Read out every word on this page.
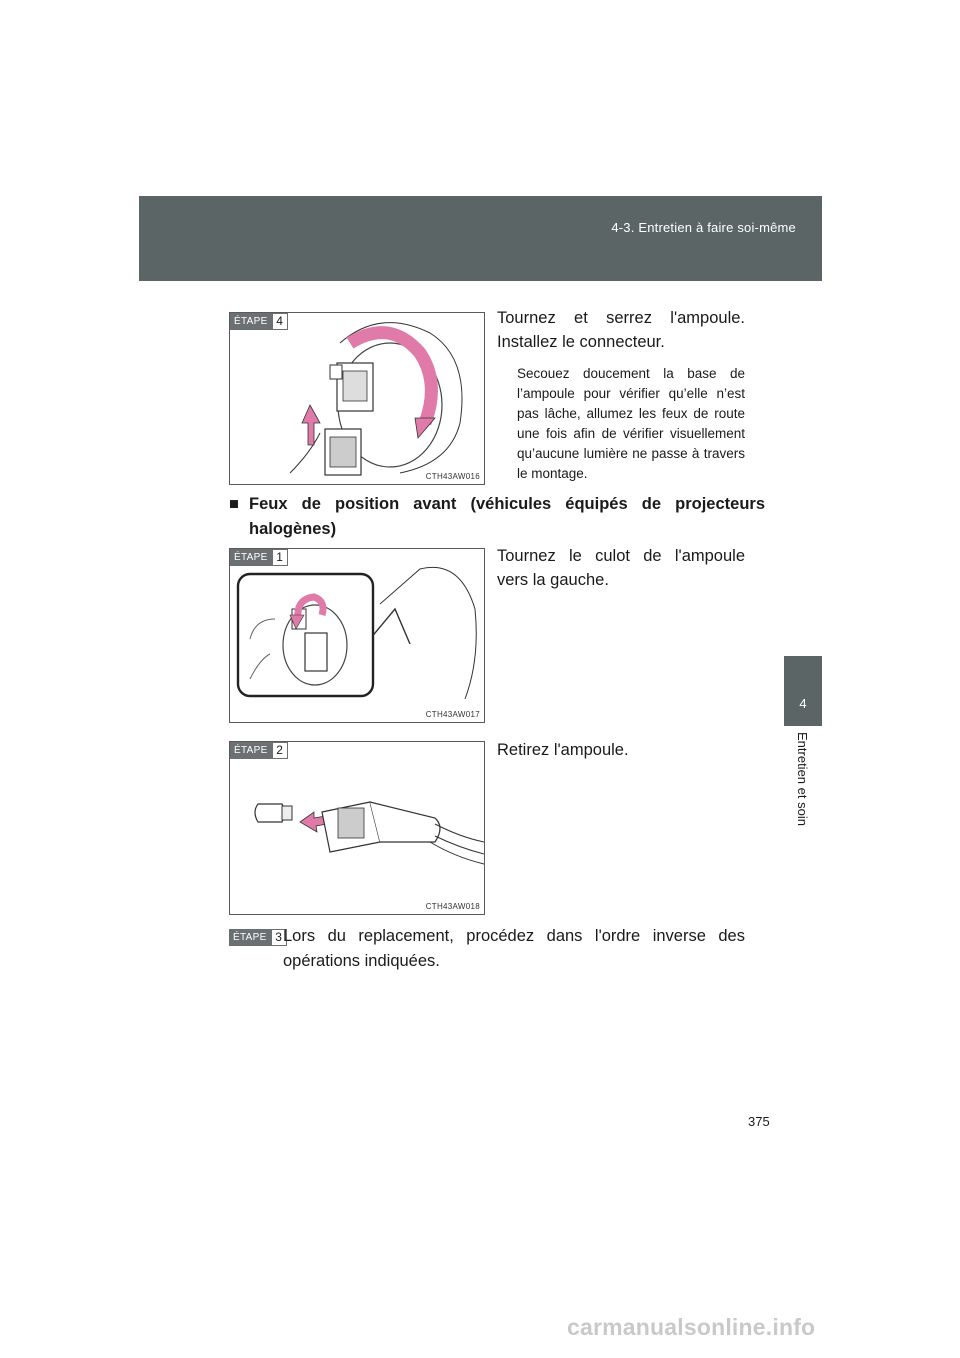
4-3. Entretien à faire soi-même
4
Entretien et soin
ÉTAPE 4
CTH43AW016
Tournez et serrez l'ampoule. Installez le connecteur.
Secouez doucement la base de l’ampoule pour vérifier qu’elle n’est pas lâche, allumez les feux de route une fois afin de vérifier visuellement qu’aucune lumière ne passe à travers le montage.
■ Feux de position avant (véhicules équipés de projecteurs halogènes)
ÉTAPE 1
CTH43AW017
Tournez le culot de l'ampoule vers la gauche.
ÉTAPE 2
CTH43AW018
Retirez l'ampoule.
ÉTAPE 3 Lors du replacement, procédez dans l'ordre inverse des opérations indiquées.
375
carmanualsonline.info
